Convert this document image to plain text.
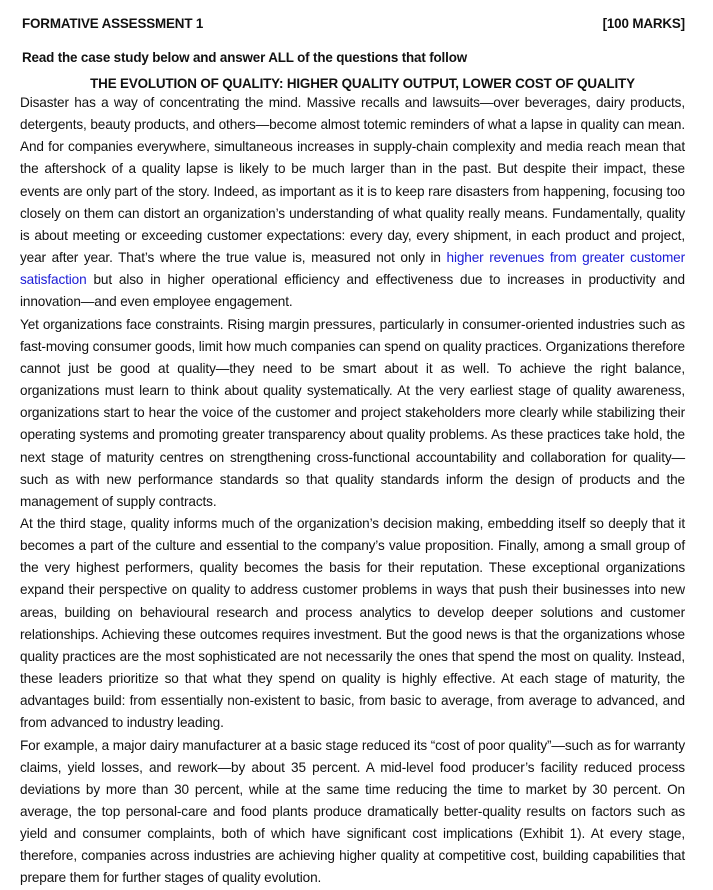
FORMATIVE ASSESSMENT 1	[100 MARKS]
Read the case study below and answer ALL of the questions that follow
THE EVOLUTION OF QUALITY: HIGHER QUALITY OUTPUT, LOWER COST OF QUALITY

Disaster has a way of concentrating the mind. Massive recalls and lawsuits—over beverages, dairy products, detergents, beauty products, and others—become almost totemic reminders of what a lapse in quality can mean. And for companies everywhere, simultaneous increases in supply-chain complexity and media reach mean that the aftershock of a quality lapse is likely to be much larger than in the past. But despite their impact, these events are only part of the story. Indeed, as important as it is to keep rare disasters from happening, focusing too closely on them can distort an organization’s understanding of what quality really means. Fundamentally, quality is about meeting or exceeding customer expectations: every day, every shipment, in each product and project, year after year. That’s where the true value is, measured not only in higher revenues from greater customer satisfaction but also in higher operational efficiency and effectiveness due to increases in productivity and innovation—and even employee engagement.

Yet organizations face constraints. Rising margin pressures, particularly in consumer-oriented industries such as fast-moving consumer goods, limit how much companies can spend on quality practices. Organizations therefore cannot just be good at quality—they need to be smart about it as well. To achieve the right balance, organizations must learn to think about quality systematically. At the very earliest stage of quality awareness, organizations start to hear the voice of the customer and project stakeholders more clearly while stabilizing their operating systems and promoting greater transparency about quality problems. As these practices take hold, the next stage of maturity centres on strengthening cross-functional accountability and collaboration for quality—such as with new performance standards so that quality standards inform the design of products and the management of supply contracts.

At the third stage, quality informs much of the organization’s decision making, embedding itself so deeply that it becomes a part of the culture and essential to the company’s value proposition. Finally, among a small group of the very highest performers, quality becomes the basis for their reputation. These exceptional organizations expand their perspective on quality to address customer problems in ways that push their businesses into new areas, building on behavioural research and process analytics to develop deeper solutions and customer relationships. Achieving these outcomes requires investment. But the good news is that the organizations whose quality practices are the most sophisticated are not necessarily the ones that spend the most on quality. Instead, these leaders prioritize so that what they spend on quality is highly effective. At each stage of maturity, the advantages build: from essentially non-existent to basic, from basic to average, from average to advanced, and from advanced to industry leading.

For example, a major dairy manufacturer at a basic stage reduced its “cost of poor quality”—such as for warranty claims, yield losses, and rework—by about 35 percent. A mid-level food producer’s facility reduced process deviations by more than 30 percent, while at the same time reducing the time to market by 30 percent. On average, the top personal-care and food plants produce dramatically better-quality results on factors such as yield and consumer complaints, both of which have significant cost implications (Exhibit 1). At every stage, therefore, companies across industries are achieving higher quality at competitive cost, building capabilities that prepare them for further stages of quality evolution.
